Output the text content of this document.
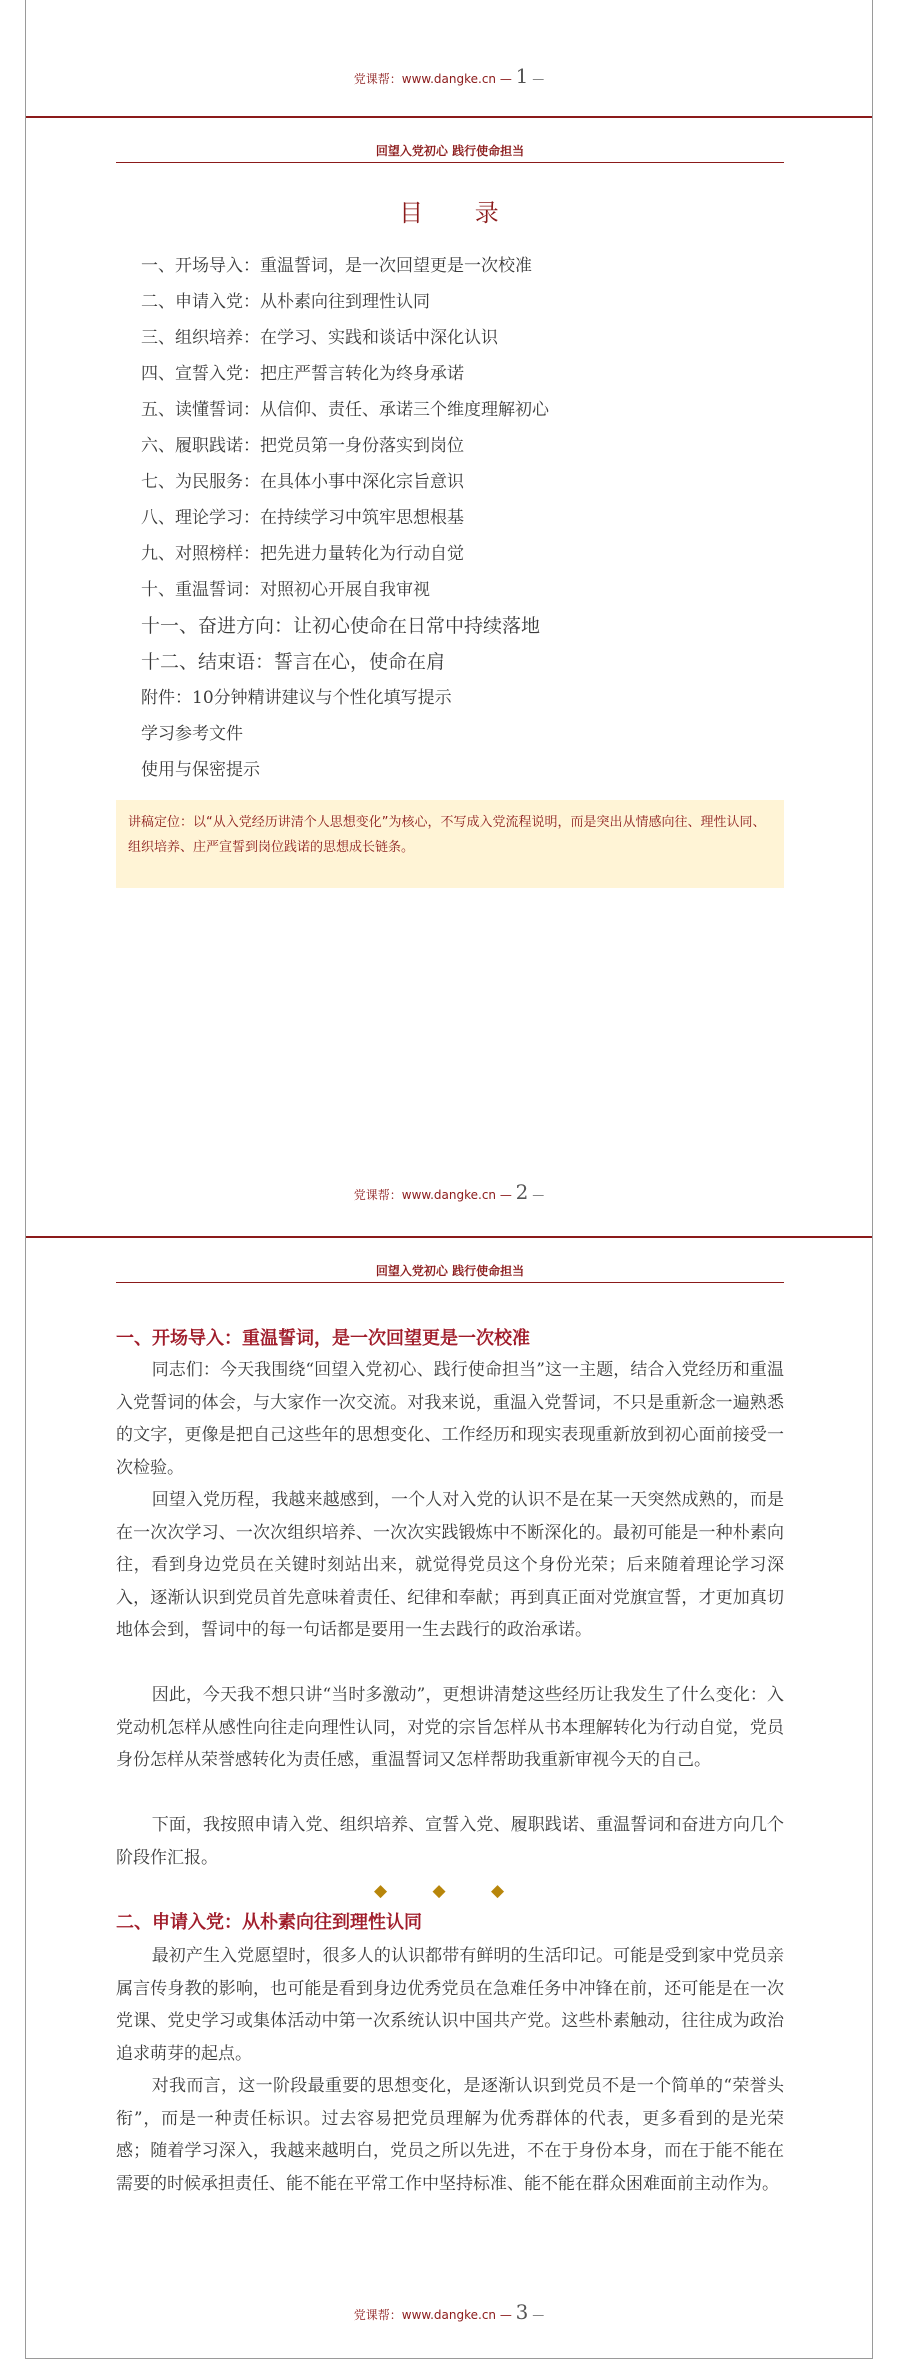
党课帮：www.dangke.cn — 1 —
回望入党初心 践行使命担当
目 录
一、开场导入：重温誓词，是一次回望更是一次校准
二、申请入党：从朴素向往到理性认同
三、组织培养：在学习、实践和谈话中深化认识
四、宣誓入党：把庄严誓言转化为终身承诺
五、读懂誓词：从信仰、责任、承诺三个维度理解初心
六、履职践诺：把党员第一身份落实到岗位
七、为民服务：在具体小事中深化宗旨意识
八、理论学习：在持续学习中筑牢思想根基
九、对照榜样：把先进力量转化为行动自觉
十、重温誓词：对照初心开展自我审视
十一、奋进方向：让初心使命在日常中持续落地
十二、结束语：誓言在心，使命在肩
附件：10分钟精讲建议与个性化填写提示
学习参考文件
使用与保密提示
讲稿定位：以“从入党经历讲清个人思想变化”为核心，不写成入党流程说明，而是突出从情感向往、理性认同、组织培养、庄严宣誓到岗位践诺的思想成长链条。
党课帮：www.dangke.cn — 2 —
回望入党初心 践行使命担当
一、开场导入：重温誓词，是一次回望更是一次校准

同志们：今天我围绕“回望入党初心、践行使命担当”这一主题，结合入党经历和重温入党誓词的体会，与大家作一次交流。对我来说，重温入党誓词，不只是重新念一遍熟悉的文字，更像是把自己这些年的思想变化、工作经历和现实表现重新放到初心面前接受一次检验。

回望入党历程，我越来越感到，一个人对入党的认识不是在某一天突然成熟的，而是在一次次学习、一次次组织培养、一次次实践锻炼中不断深化的。最初可能是一种朴素向往，看到身边党员在关键时刻站出来，就觉得党员这个身份光荣；后来随着理论学习深入，逐渐认识到党员首先意味着责任、纪律和奉献；再到真正面对党旗宣誓，才更加真切地体会到，誓词中的每一句话都是要用一生去践行的政治承诺。

因此，今天我不想只讲“当时多激动”，更想讲清楚这些经历让我发生了什么变化：入党动机怎样从感性向往走向理性认同，对党的宗旨怎样从书本理解转化为行动自觉，党员身份怎样从荣誉感转化为责任感，重温誓词又怎样帮助我重新审视今天的自己。

下面，我按照申请入党、组织培养、宣誓入党、履职践诺、重温誓词和奋进方向几个阶段作汇报。

◆ ◆ ◆
二、申请入党：从朴素向往到理性认同

最初产生入党愿望时，很多人的认识都带有鲜明的生活印记。可能是受到家中党员亲属言传身教的影响，也可能是看到身边优秀党员在急难任务中冲锋在前，还可能是在一次党课、党史学习或集体活动中第一次系统认识中国共产党。这些朴素触动，往往成为政治追求萌芽的起点。

对我而言，这一阶段最重要的思想变化，是逐渐认识到党员不是一个简单的“荣誉头衔”，而是一种责任标识。过去容易把党员理解为优秀群体的代表，更多看到的是光荣感；随着学习深入，我越来越明白，党员之所以先进，不在于身份本身，而在于能不能在需要的时候承担责任、能不能在平常工作中坚持标准、能不能在群众困难面前主动作为。

党课帮：www.dangke.cn — 3 —
